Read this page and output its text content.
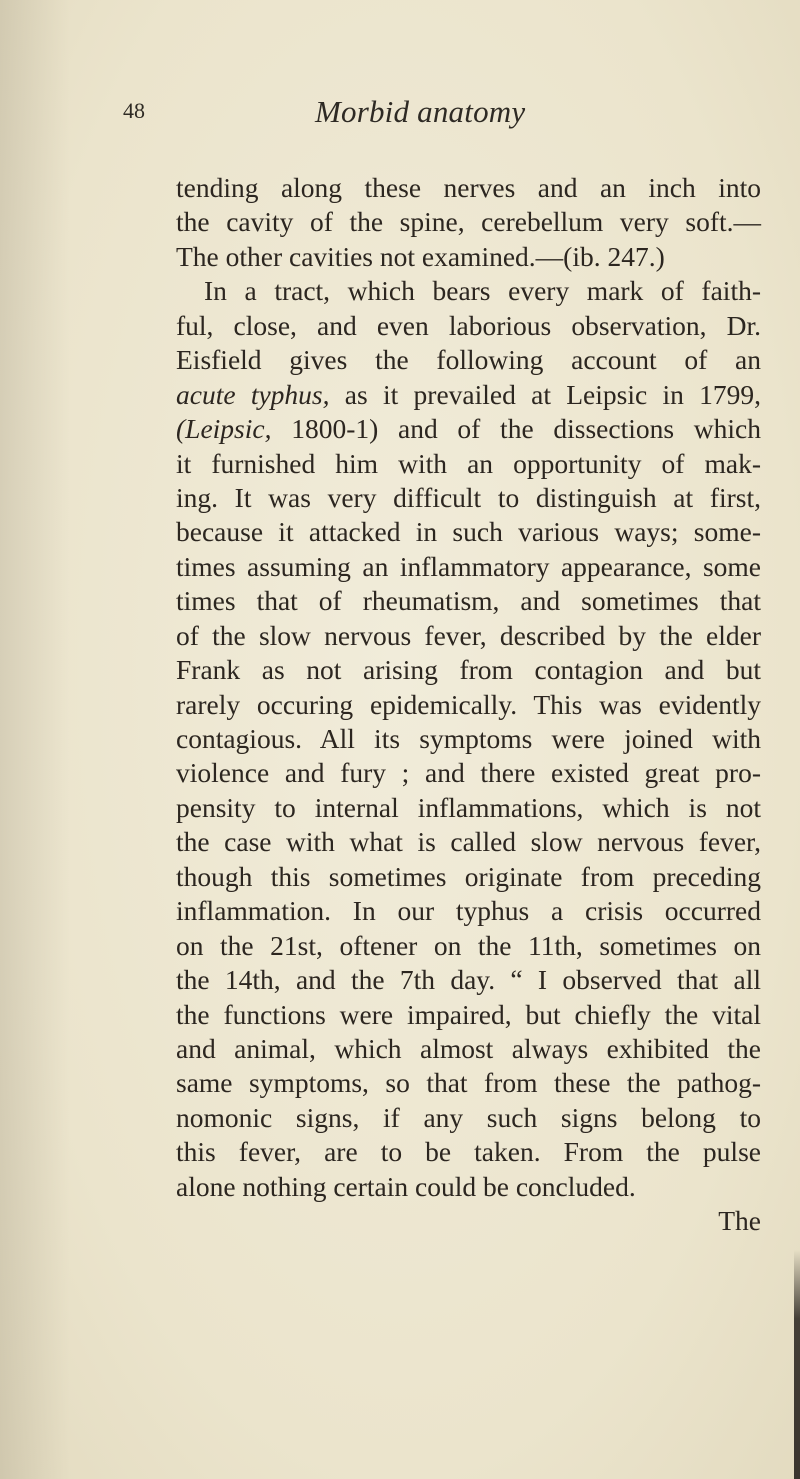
48	Morbid anatomy
tending along these nerves and an inch into
the cavity of the spine, cerebellum very soft.—
The other cavities not examined.—(ib. 247.)
In a tract, which bears every mark of faith-
ful, close, and even laborious observation, Dr.
Eisfield gives the following account of an
acute typhus, as it prevailed at Leipsic in 1799,
(Leipsic, 1800-1) and of the dissections which
it furnished him with an opportunity of mak-
ing. It was very difficult to distinguish at first,
because it attacked in such various ways; some-
times assuming an inflammatory appearance, some
times that of rheumatism, and sometimes that
of the slow nervous fever, described by the elder
Frank as not arising from contagion and but
rarely occuring epidemically. This was evidently
contagious. All its symptoms were joined with
violence and fury ; and there existed great pro-
pensity to internal inflammations, which is not
the case with what is called slow nervous fever,
though this sometimes originate from preceding
inflammation. In our typhus a crisis occurred
on the 21st, oftener on the 11th, sometimes on
the 14th, and the 7th day. “ I observed that all
the functions were impaired, but chiefly the vital
and animal, which almost always exhibited the
same symptoms, so that from these the pathog-
nomonic signs, if any such signs belong to
this fever, are to be taken. From the pulse
alone nothing certain could be concluded.
The
